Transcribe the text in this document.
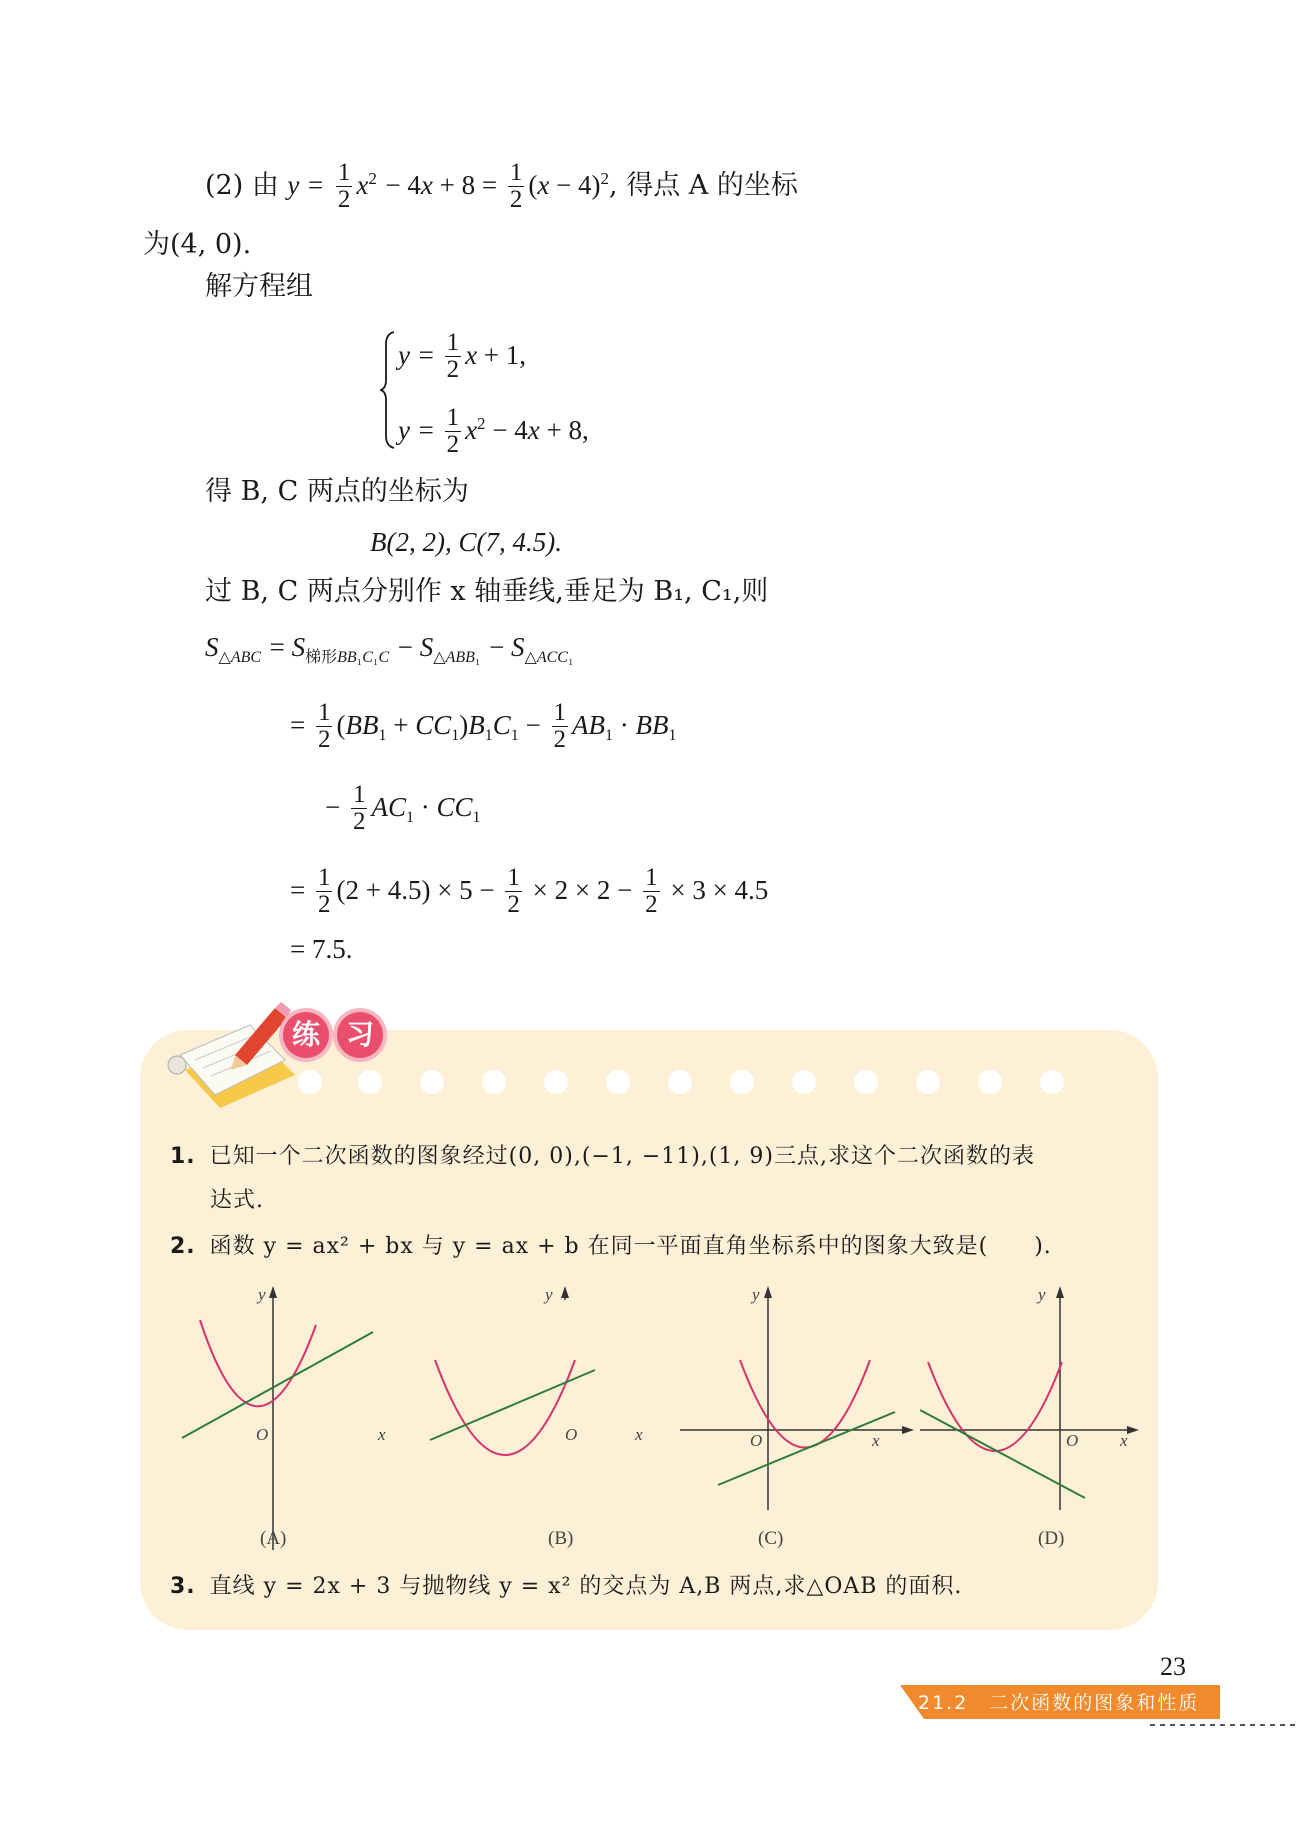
(2) 由 $y = \frac{1}{2} x^2 - 4x + 8 = \frac{1}{2} (x - 4)^2$, 得点 A 的坐标
为(4, 0).
解方程组
$y = \frac{1}{2}$ x + 1,
$y = \frac{1}{2} x^2 - 4x + 8$,
得 B, C 两点的坐标为
B(2, 2), C(7, 4.5).
过 B, C 两点分别作 x 轴垂线,垂足为 B₁, C₁,则
$S_{\triangle ABC} = S_{梯形BB_1C_1C} - S_{\triangle ABB_1} - S_{\triangle ACC_1}$
= $\frac{1}{2} (BB_1 + CC_1)B_1C_1 - \frac{1}{2} AB_1 \cdot BB_1$
− $\frac{1}{2} AC_1 \cdot CC_1$
= $\frac{1}{2} (2 + 4.5) \times 5 - \frac{1}{2} \times 2 \times 2 - \frac{1}{2} \times 3 \times 4.5$
= 7.5.
练 习
1. 已知一个二次函数的图象经过(0, 0),(−1, −11),(1, 9)三点,求这个二次函数的表
达式.
2. 函数 y = ax² + bx 与 y = ax + b 在同一平面直角坐标系中的图象大致是(　　).
O
y
x
(A)
O
y
x
(B)
O
y
x
(C)
O
y
x
(D)
3. 直线 y = 2x + 3 与抛物线 y = x² 的交点为 A,B 两点,求△OAB 的面积.
23
21.2　二次函数的图象和性质
